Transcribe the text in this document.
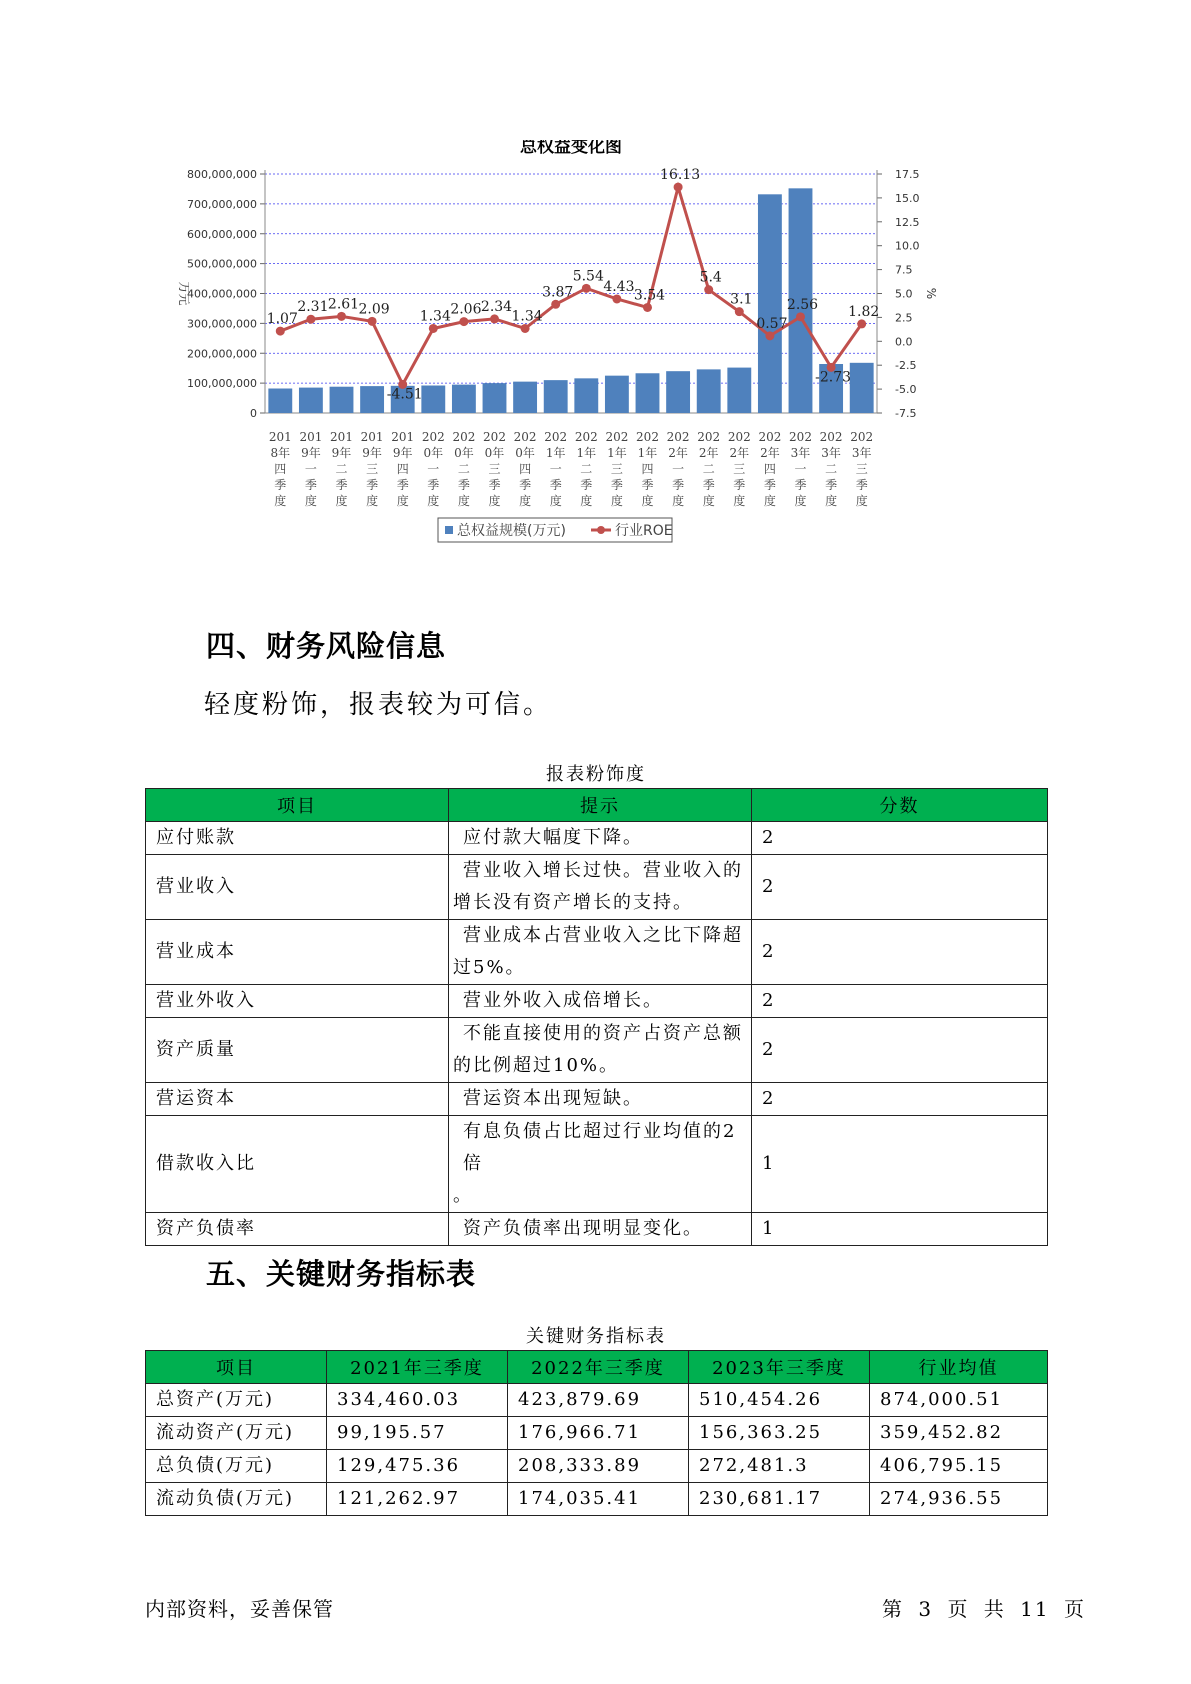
总权益变化图
0
100,000,000
200,000,000
300,000,000
400,000,000
500,000,000
600,000,000
700,000,000
800,000,000
-7.5
-5.0
-2.5
0.0
2.5
5.0
7.5
10.0
12.5
15.0
17.5
万元	%
201
8年
四
季
度
201
9年
一
季
度
201
9年
二
季
度
201
9年
三
季
度
201
9年
四
季
度
202
0年
一
季
度
202
0年
二
季
度
202
0年
三
季
度
202
0年
四
季
度
202
1年
一
季
度
202
1年
二
季
度
202
1年
三
季
度
202
1年
四
季
度
202
2年
一
季
度
202
2年
二
季
度
202
2年
三
季
度
202
2年
四
季
度
202
3年
一
季
度
202
3年
二
季
度
202
3年
三
季
度
1.07
2.31 2.61 2.09
-4.51
1.34 2.06 2.34
1.34
3.87
5.54
4.43
3.54
16.13
5.4
3.1
0.57
2.56
-2.73
1.82
总权益规模(万元)	行业ROE
四、财务风险信息

轻度粉饰，报表较为可信。

报表粉饰度
项目	提示	分数
应付账款	应付款大幅度下降。	2
营业收入	营业收入增长过快。营业收入的
增长没有资产增长的支持。	2
营业成本	营业成本占营业收入之比下降超
过5%。	2
营业外收入	营业外收入成倍增长。	2
资产质量	不能直接使用的资产占资产总额
的比例超过10%。	2
营运资本	营运资本出现短缺。	2
借款收入比	有息负债占比超过行业均值的2倍
。	1
资产负债率	资产负债率出现明显变化。	1
五、关键财务指标表
关键财务指标表
项目	2021年三季度	2022年三季度	2023年三季度	行业均值
总资产(万元)	334,460.03	423,879.69	510,454.26	874,000.51
流动资产(万元)	99,195.57	176,966.71	156,363.25	359,452.82
总负债(万元)	129,475.36	208,333.89	272,481.3	406,795.15
流动负债(万元)	121,262.97	174,035.41	230,681.17	274,936.55
内部资料，妥善保管	第 3 页 共 11 页
